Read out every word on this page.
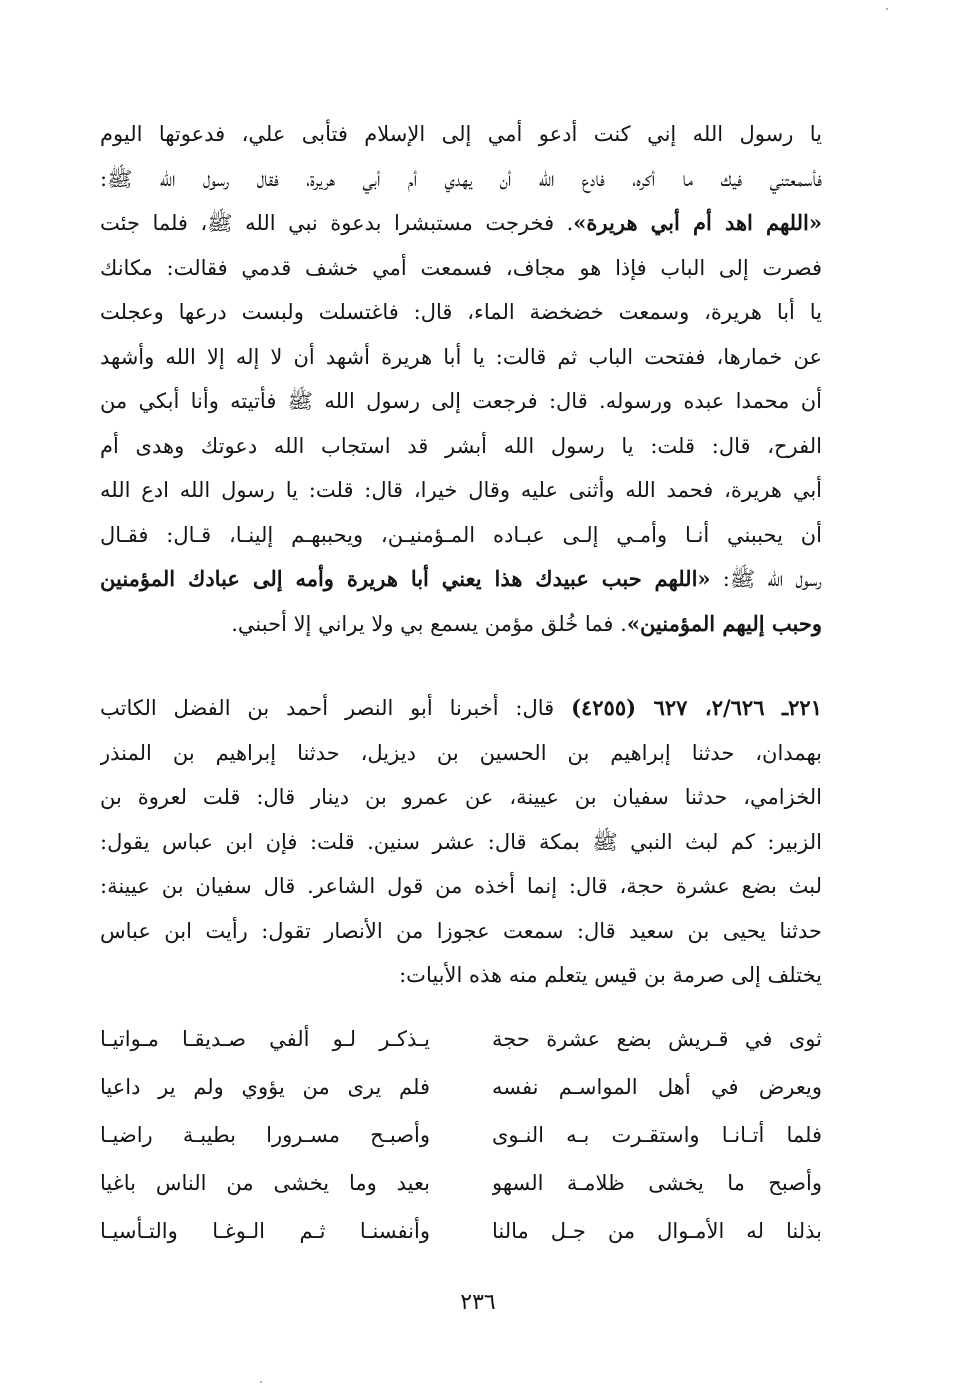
يا رسول الله إني كنت أدعو أمي إلى الإسلام فتأبى علي، فدعوتها اليوم
فأسمعتني فيك ما أكره، فادع الله أن يهدي أم أبي هريرة، فقال رسول الله ﷺ:
«اللهم اهد أم أبي هريرة». فخرجت مستبشرا بدعوة نبي الله ﷺ، فلما جئت
فصرت إلى الباب فإذا هو مجاف، فسمعت أمي خشف قدمي فقالت: مكانك
يا أبا هريرة، وسمعت خضخضة الماء، قال: فاغتسلت ولبست درعها وعجلت
عن خمارها، ففتحت الباب ثم قالت: يا أبا هريرة أشهد أن لا إله إلا الله وأشهد
أن محمدا عبده ورسوله. قال: فرجعت إلى رسول الله ﷺ فأتيته وأنا أبكي من
الفرح، قال: قلت: يا رسول الله أبشر قد استجاب الله دعوتك وهدى أم
أبي هريرة، فحمد الله وأثنى عليه وقال خيرا، قال: قلت: يا رسول الله ادع الله
أن يحببني أنـا وأمـي إلـى عبـاده المـؤمنيـن، ويحببهـم إلينـا، قـال: فقـال
رسول الله ﷺ: «اللهم حبب عبيدك هذا يعني أبا هريرة وأمه إلى عبادك المؤمنين
وحبب إليهم المؤمنين». فما خُلق مؤمن يسمع بي ولا يراني إلا أحبني.
٢٢١ـ ٢/٦٢٦، ٦٢٧ (٤٢٥٥) قال: أخبرنا أبو النصر أحمد بن الفضل الكاتب
بهمدان، حدثنا إبراهيم بن الحسين بن ديزيل، حدثنا إبراهيم بن المنذر
الخزامي، حدثنا سفيان بن عيينة، عن عمرو بن دينار قال: قلت لعروة بن
الزبير: كم لبث النبي ﷺ بمكة قال: عشر سنين. قلت: فإن ابن عباس يقول:
لبث بضع عشرة حجة، قال: إنما أخذه من قول الشاعر. قال سفيان بن عيينة:
حدثنا يحيى بن سعيد قال: سمعت عجوزا من الأنصار تقول: رأيت ابن عباس
يختلف إلى صرمة بن قيس يتعلم منه هذه الأبيات:
ثوى في قـريش بضع عشرة حجة
يـذكـر لـو ألفي صـديقـا مـواتيـا
ويعرض في أهل المواسـم نفسه
فلم يرى من يؤوي ولم ير داعيا
فلما أتـانـا واستقـرت بـه النـوى
وأصبـح مسـرورا بطيبـة راضيـا
وأصبح ما يخشى ظلامـة السهو
بعيد وما يخشى من الناس باغيا
بذلنا له الأمـوال من جـل مالنا
وأنفسنـا ثـم الـوغـا والتـأسيـا
٢٣٦
